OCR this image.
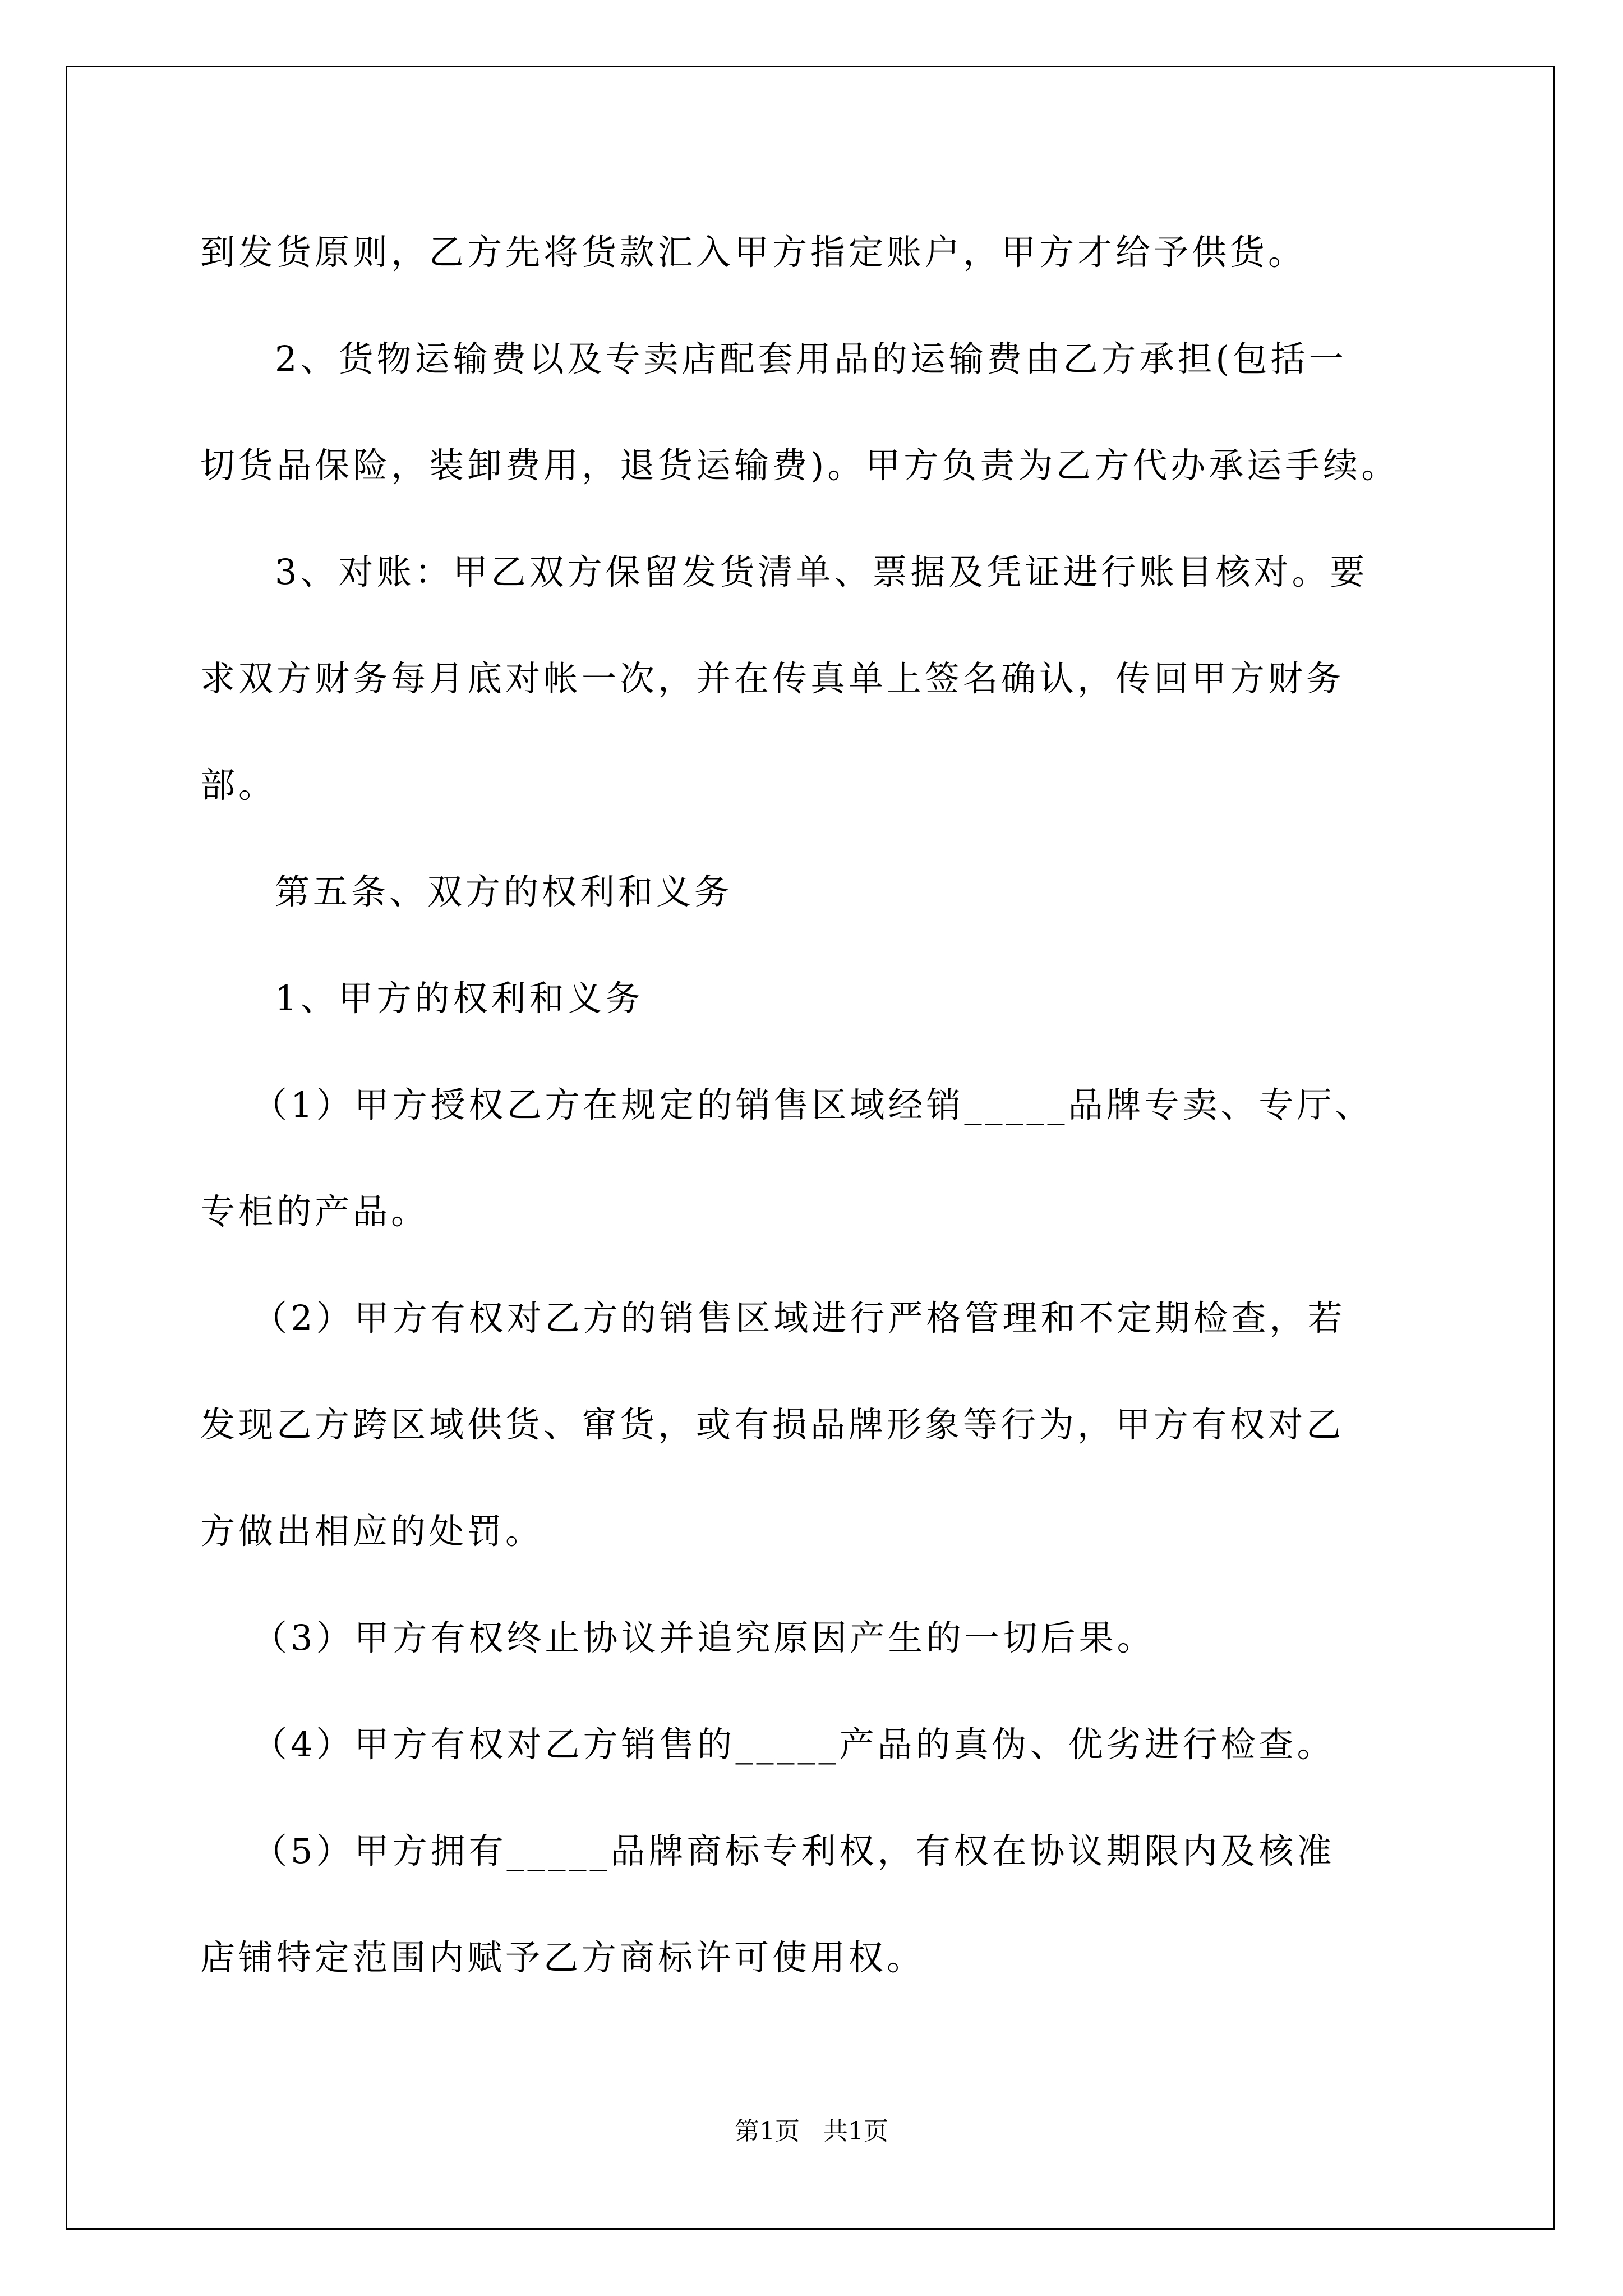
到发货原则，乙方先将货款汇入甲方指定账户，甲方才给予供货。

2、货物运输费以及专卖店配套用品的运输费由乙方承担(包括一

切货品保险，装卸费用，退货运输费)。甲方负责为乙方代办承运手续。

3、对账：甲乙双方保留发货清单、票据及凭证进行账目核对。要

求双方财务每月底对帐一次，并在传真单上签名确认，传回甲方财务

部。

第五条、双方的权利和义务

1、甲方的权利和义务

（1）甲方授权乙方在规定的销售区域经销_____品牌专卖、专厅、

专柜的产品。

（2）甲方有权对乙方的销售区域进行严格管理和不定期检查，若

发现乙方跨区域供货、窜货，或有损品牌形象等行为，甲方有权对乙

方做出相应的处罚。

（3）甲方有权终止协议并追究原因产生的一切后果。

（4）甲方有权对乙方销售的_____产品的真伪、优劣进行检查。

（5）甲方拥有_____品牌商标专利权，有权在协议期限内及核准

店铺特定范围内赋予乙方商标许可使用权。

第1页 共1页
